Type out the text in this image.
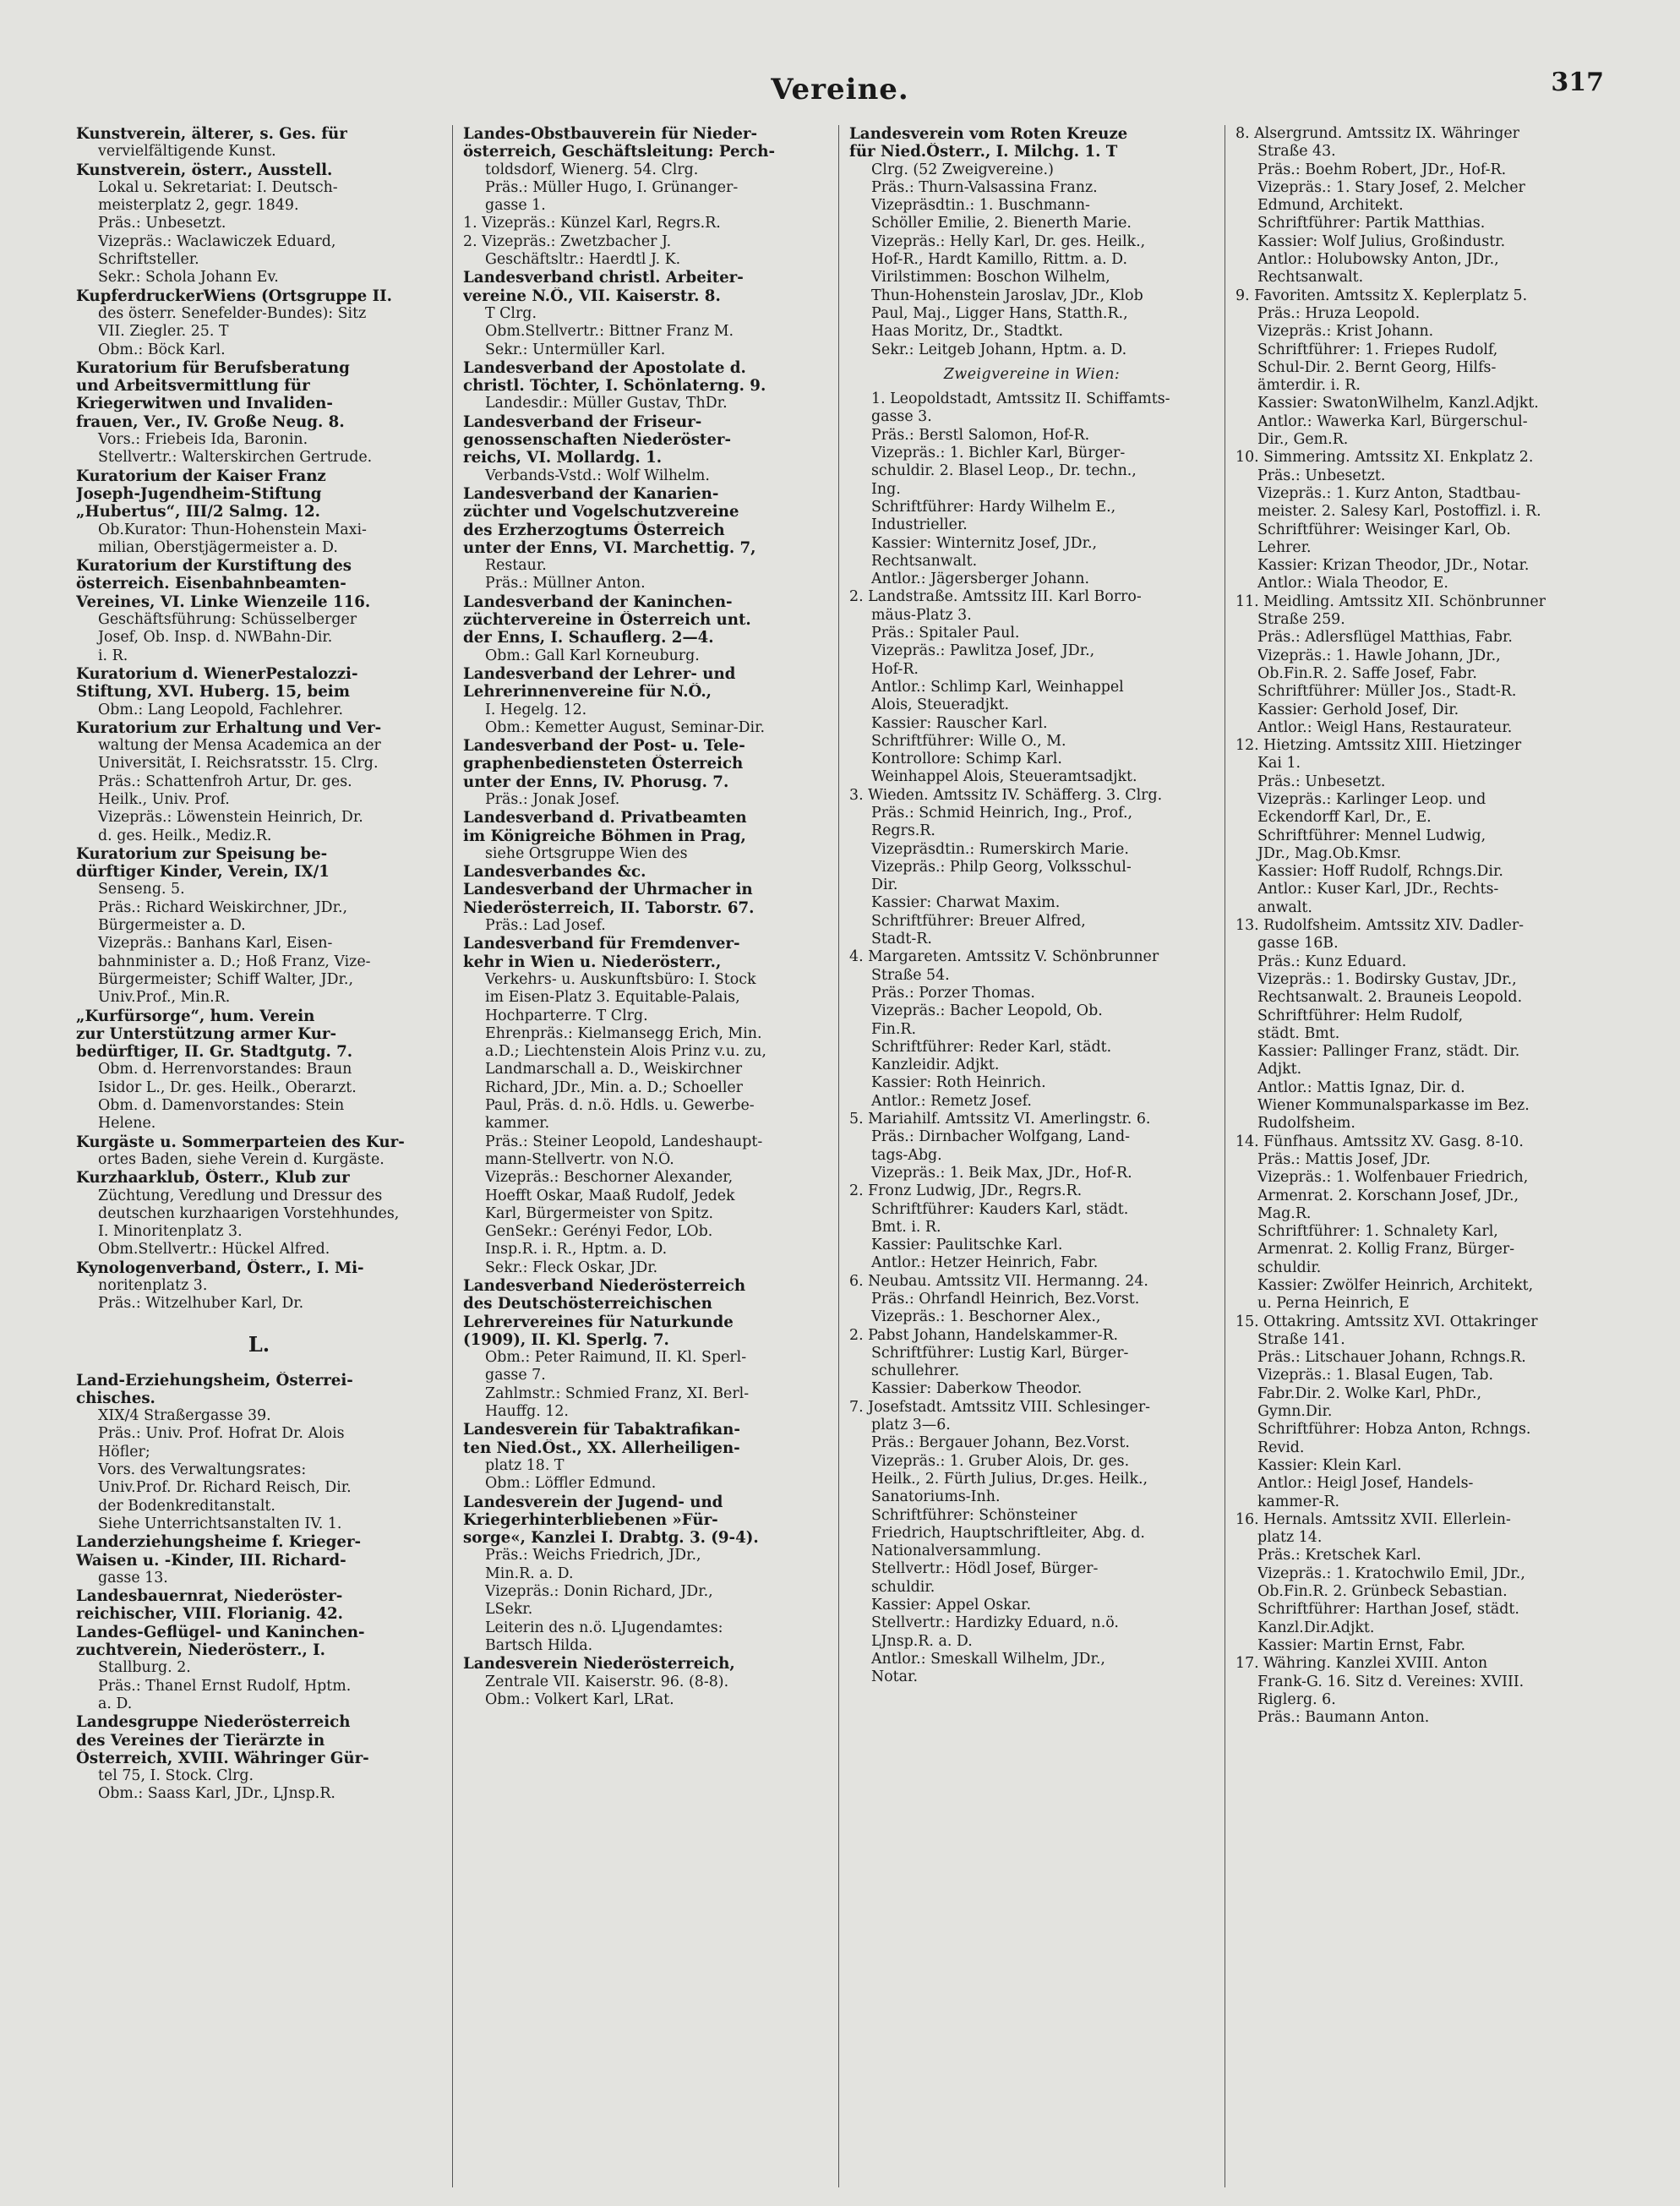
Vereine.	317
Kunstverein, älterer, s. Ges. für
vervielfältigende Kunst.
Kunstverein, österr., Ausstell.
Lokal u. Sekretariat: I. Deutsch-
meisterplatz 2, gegr. 1849.
Präs.: Unbesetzt.
Vizepräs.: Waclawiczek Eduard,
Schriftsteller.
Sekr.: Schola Johann Ev.
KupferdruckerWiens (Ortsgruppe II.
des österr. Senefelder-Bundes): Sitz
VII. Ziegler. 25. T
Obm.: Böck Karl.
Kuratorium für Berufsberatung
und Arbeitsvermittlung für
Kriegerwitwen und Invaliden-
frauen, Ver., IV. Große Neug. 8.
Vors.: Friebeis Ida, Baronin.
Stellvertr.: Walterskirchen Gertrude.
Kuratorium der Kaiser Franz
Joseph-Jugendheim-Stiftung
„Hubertus“, III/2 Salmg. 12.
Ob.Kurator: Thun-Hohenstein Maxi-
milian, Oberstjägermeister a. D.
Kuratorium der Kurstiftung des
österreich. Eisenbahnbeamten-
Vereines, VI. Linke Wienzeile 116.
Geschäftsführung: Schüsselberger
Josef, Ob. Insp. d. NWBahn-Dir.
i. R.
Kuratorium d. WienerPestalozzi-
Stiftung, XVI. Huberg. 15, beim
Obm.: Lang Leopold, Fachlehrer.
Kuratorium zur Erhaltung und Ver-
waltung der Mensa Academica an der
Universität, I. Reichsratsstr. 15. Clrg.
Präs.: Schattenfroh Artur, Dr. ges.
Heilk., Univ. Prof.
Vizepräs.: Löwenstein Heinrich, Dr.
d. ges. Heilk., Mediz.R.
Kuratorium zur Speisung be-
dürftiger Kinder, Verein, IX/1
Senseng. 5.
Präs.: Richard Weiskirchner, JDr.,
Bürgermeister a. D.
Vizepräs.: Banhans Karl, Eisen-
bahnminister a. D.; Hoß Franz, Vize-
Bürgermeister; Schiff Walter, JDr.,
Univ.Prof., Min.R.
„Kurfürsorge“, hum. Verein
zur Unterstützung armer Kur-
bedürftiger, II. Gr. Stadtgutg. 7.
Obm. d. Herrenvorstandes: Braun
Isidor L., Dr. ges. Heilk., Oberarzt.
Obm. d. Damenvorstandes: Stein
Helene.
Kurgäste u. Sommerparteien des Kur-
ortes Baden, siehe Verein d. Kurgäste.
Kurzhaarklub, Österr., Klub zur
Züchtung, Veredlung und Dressur des
deutschen kurzhaarigen Vorstehhundes,
I. Minoritenplatz 3.
Obm.Stellvertr.: Hückel Alfred.
Kynologenverband, Österr., I. Mi-
noritenplatz 3.
Präs.: Witzelhuber Karl, Dr.
L.
Land-Erziehungsheim, Österrei-
chisches.
XIX/4 Straßergasse 39.
Präs.: Univ. Prof. Hofrat Dr. Alois
Höfler;
Vors. des Verwaltungsrates:
Univ.Prof. Dr. Richard Reisch, Dir.
der Bodenkreditanstalt.
Siehe Unterrichtsanstalten IV. 1.
Landerziehungsheime f. Krieger-
Waisen u. -Kinder, III. Richard-
gasse 13.
Landesbauernrat, Niederöster-
reichischer, VIII. Florianig. 42.
Landes-Geflügel- und Kaninchen-
zuchtverein, Niederösterr., I.
Stallburg. 2.
Präs.: Thanel Ernst Rudolf, Hptm.
a. D.
Landesgruppe Niederösterreich
des Vereines der Tierärzte in
Österreich, XVIII. Währinger Gür-
tel 75, I. Stock. Clrg.
Obm.: Saass Karl, JDr., LJnsp.R.
Landes-Obstbauverein für Nieder-
österreich, Geschäftsleitung: Perch-
toldsdorf, Wienerg. 54. Clrg.
Präs.: Müller Hugo, I. Grünanger-
gasse 1.
1. Vizepräs.: Künzel Karl, Regrs.R.
2. Vizepräs.: Zwetzbacher J.
Geschäftsltr.: Haerdtl J. K.
Landesverband christl. Arbeiter-
vereine N.Ö., VII. Kaiserstr. 8.
T Clrg.
Obm.Stellvertr.: Bittner Franz M.
Sekr.: Untermüller Karl.
Landesverband der Apostolate d.
christl. Töchter, I. Schönlaterng. 9.
Landesdir.: Müller Gustav, ThDr.
Landesverband der Friseur-
genossenschaften Niederöster-
reichs, VI. Mollardg. 1.
Verbands-Vstd.: Wolf Wilhelm.
Landesverband der Kanarien-
züchter und Vogelschutzvereine
des Erzherzogtums Österreich
unter der Enns, VI. Marchettig. 7,
Restaur.
Präs.: Müllner Anton.
Landesverband der Kaninchen-
züchtervereine in Österreich unt.
der Enns, I. Schauflerg. 2—4.
Obm.: Gall Karl Korneuburg.
Landesverband der Lehrer- und
Lehrerinnenvereine für N.Ö.,
I. Hegelg. 12.
Obm.: Kemetter August, Seminar-Dir.
Landesverband der Post- u. Tele-
graphenbediensteten Österreich
unter der Enns, IV. Phorusg. 7.
Präs.: Jonak Josef.
Landesverband d. Privatbeamten
im Königreiche Böhmen in Prag,
siehe Ortsgruppe Wien des
Landesverbandes &c.
Landesverband der Uhrmacher in
Niederösterreich, II. Taborstr. 67.
Präs.: Lad Josef.
Landesverband für Fremdenver-
kehr in Wien u. Niederösterr.,
Verkehrs- u. Auskunftsbüro: I. Stock
im Eisen-Platz 3. Equitable-Palais,
Hochparterre. T Clrg.
Ehrenpräs.: Kielmansegg Erich, Min.
a.D.; Liechtenstein Alois Prinz v.u. zu,
Landmarschall a. D., Weiskirchner
Richard, JDr., Min. a. D.; Schoeller
Paul, Präs. d. n.ö. Hdls. u. Gewerbe-
kammer.
Präs.: Steiner Leopold, Landeshaupt-
mann-Stellvertr. von N.Ö.
Vizepräs.: Beschorner Alexander,
Hoefft Oskar, Maaß Rudolf, Jedek
Karl, Bürgermeister von Spitz.
GenSekr.: Gerényi Fedor, LOb.
Insp.R. i. R., Hptm. a. D.
Sekr.: Fleck Oskar, JDr.
Landesverband Niederösterreich
des Deutschösterreichischen
Lehrervereines für Naturkunde
(1909), II. Kl. Sperlg. 7.
Obm.: Peter Raimund, II. Kl. Sperl-
gasse 7.
Zahlmstr.: Schmied Franz, XI. Berl-
Hauffg. 12.
Landesverein für Tabaktrafikan-
ten Nied.Öst., XX. Allerheiligen-
platz 18. T
Obm.: Löffler Edmund.
Landesverein der Jugend- und
Kriegerhinterbliebenen »Für-
sorge«, Kanzlei I. Drabtg. 3. (9-4).
Präs.: Weichs Friedrich, JDr.,
Min.R. a. D.
Vizepräs.: Donin Richard, JDr.,
LSekr.
Leiterin des n.ö. LJugendamtes:
Bartsch Hilda.
Landesverein Niederösterreich,
Zentrale VII. Kaiserstr. 96. (8-8).
Obm.: Volkert Karl, LRat.
Landesverein vom Roten Kreuze
für Nied.Österr., I. Milchg. 1. T
Clrg. (52 Zweigvereine.)
Präs.: Thurn-Valsassina Franz.
Vizepräsdtin.: 1. Buschmann-
Schöller Emilie, 2. Bienerth Marie.
Vizepräs.: Helly Karl, Dr. ges. Heilk.,
Hof-R., Hardt Kamillo, Rittm. a. D.
Virilstimmen: Boschon Wilhelm,
Thun-Hohenstein Jaroslav, JDr., Klob
Paul, Maj., Ligger Hans, Statth.R.,
Haas Moritz, Dr., Stadtkt.
Sekr.: Leitgeb Johann, Hptm. a. D.
Zweigvereine in Wien:
1. Leopoldstadt, Amtssitz II. Schiffamts-
gasse 3.
Präs.: Berstl Salomon, Hof-R.
Vizepräs.: 1. Bichler Karl, Bürger-
schuldir. 2. Blasel Leop., Dr. techn.,
Ing.
Schriftführer: Hardy Wilhelm E.,
Industrieller.
Kassier: Winternitz Josef, JDr.,
Rechtsanwalt.
Antlor.: Jägersberger Johann.
2. Landstraße. Amtssitz III. Karl Borro-
mäus-Platz 3.
Präs.: Spitaler Paul.
Vizepräs.: Pawlitza Josef, JDr.,
Hof-R.
Antlor.: Schlimp Karl, Weinhappel
Alois, Steueradjkt.
Kassier: Rauscher Karl.
Schriftführer: Wille O., M.
Kontrollore: Schimp Karl.
Weinhappel Alois, Steueramtsadjkt.
3. Wieden. Amtssitz IV. Schäfferg. 3. Clrg.
Präs.: Schmid Heinrich, Ing., Prof.,
Regrs.R.
Vizepräsdtin.: Rumerskirch Marie.
Vizepräs.: Philp Georg, Volksschul-
Dir.
Kassier: Charwat Maxim.
Schriftführer: Breuer Alfred,
Stadt-R.
4. Margareten. Amtssitz V. Schönbrunner
Straße 54.
Präs.: Porzer Thomas.
Vizepräs.: Bacher Leopold, Ob.
Fin.R.
Schriftführer: Reder Karl, städt.
Kanzleidir. Adjkt.
Kassier: Roth Heinrich.
Antlor.: Remetz Josef.
5. Mariahilf. Amtssitz VI. Amerlingstr. 6.
Präs.: Dirnbacher Wolfgang, Land-
tags-Abg.
Vizepräs.: 1. Beik Max, JDr., Hof-R.
2. Fronz Ludwig, JDr., Regrs.R.
Schriftführer: Kauders Karl, städt.
Bmt. i. R.
Kassier: Paulitschke Karl.
Antlor.: Hetzer Heinrich, Fabr.
6. Neubau. Amtssitz VII. Hermanng. 24.
Präs.: Ohrfandl Heinrich, Bez.Vorst.
Vizepräs.: 1. Beschorner Alex.,
2. Pabst Johann, Handelskammer-R.
Schriftführer: Lustig Karl, Bürger-
schullehrer.
Kassier: Daberkow Theodor.
7. Josefstadt. Amtssitz VIII. Schlesinger-
platz 3—6.
Präs.: Bergauer Johann, Bez.Vorst.
Vizepräs.: 1. Gruber Alois, Dr. ges.
Heilk., 2. Fürth Julius, Dr.ges. Heilk.,
Sanatoriums-Inh.
Schriftführer: Schönsteiner
Friedrich, Hauptschriftleiter, Abg. d.
Nationalversammlung.
Stellvertr.: Hödl Josef, Bürger-
schuldir.
Kassier: Appel Oskar.
Stellvertr.: Hardizky Eduard, n.ö.
LJnsp.R. a. D.
Antlor.: Smeskall Wilhelm, JDr.,
Notar.
8. Alsergrund. Amtssitz IX. Währinger
Straße 43.
Präs.: Boehm Robert, JDr., Hof-R.
Vizepräs.: 1. Stary Josef, 2. Melcher
Edmund, Architekt.
Schriftführer: Partik Matthias.
Kassier: Wolf Julius, Großindustr.
Antlor.: Holubowsky Anton, JDr.,
Rechtsanwalt.
9. Favoriten. Amtssitz X. Keplerplatz 5.
Präs.: Hruza Leopold.
Vizepräs.: Krist Johann.
Schriftführer: 1. Friepes Rudolf,
Schul-Dir. 2. Bernt Georg, Hilfs-
ämterdir. i. R.
Kassier: SwatonWilhelm, Kanzl.Adjkt.
Antlor.: Wawerka Karl, Bürgerschul-
Dir., Gem.R.
10. Simmering. Amtssitz XI. Enkplatz 2.
Präs.: Unbesetzt.
Vizepräs.: 1. Kurz Anton, Stadtbau-
meister. 2. Salesy Karl, Postoffizl. i. R.
Schriftführer: Weisinger Karl, Ob.
Lehrer.
Kassier: Krizan Theodor, JDr., Notar.
Antlor.: Wiala Theodor, E.
11. Meidling. Amtssitz XII. Schönbrunner
Straße 259.
Präs.: Adlersflügel Matthias, Fabr.
Vizepräs.: 1. Hawle Johann, JDr.,
Ob.Fin.R. 2. Saffe Josef, Fabr.
Schriftführer: Müller Jos., Stadt-R.
Kassier: Gerhold Josef, Dir.
Antlor.: Weigl Hans, Restaurateur.
12. Hietzing. Amtssitz XIII. Hietzinger
Kai 1.
Präs.: Unbesetzt.
Vizepräs.: Karlinger Leop. und
Eckendorff Karl, Dr., E.
Schriftführer: Mennel Ludwig,
JDr., Mag.Ob.Kmsr.
Kassier: Hoff Rudolf, Rchngs.Dir.
Antlor.: Kuser Karl, JDr., Rechts-
anwalt.
13. Rudolfsheim. Amtssitz XIV. Dadler-
gasse 16B.
Präs.: Kunz Eduard.
Vizepräs.: 1. Bodirsky Gustav, JDr.,
Rechtsanwalt. 2. Brauneis Leopold.
Schriftführer: Helm Rudolf,
städt. Bmt.
Kassier: Pallinger Franz, städt. Dir.
Adjkt.
Antlor.: Mattis Ignaz, Dir. d.
Wiener Kommunalsparkasse im Bez.
Rudolfsheim.
14. Fünfhaus. Amtssitz XV. Gasg. 8-10.
Präs.: Mattis Josef, JDr.
Vizepräs.: 1. Wolfenbauer Friedrich,
Armenrat. 2. Korschann Josef, JDr.,
Mag.R.
Schriftführer: 1. Schnalety Karl,
Armenrat. 2. Kollig Franz, Bürger-
schuldir.
Kassier: Zwölfer Heinrich, Architekt,
u. Perna Heinrich, E
15. Ottakring. Amtssitz XVI. Ottakringer
Straße 141.
Präs.: Litschauer Johann, Rchngs.R.
Vizepräs.: 1. Blasal Eugen, Tab.
Fabr.Dir. 2. Wolke Karl, PhDr.,
Gymn.Dir.
Schriftführer: Hobza Anton, Rchngs.
Revid.
Kassier: Klein Karl.
Antlor.: Heigl Josef, Handels-
kammer-R.
16. Hernals. Amtssitz XVII. Ellerlein-
platz 14.
Präs.: Kretschek Karl.
Vizepräs.: 1. Kratochwilo Emil, JDr.,
Ob.Fin.R. 2. Grünbeck Sebastian.
Schriftführer: Harthan Josef, städt.
Kanzl.Dir.Adjkt.
Kassier: Martin Ernst, Fabr.
17. Währing. Kanzlei XVIII. Anton
Frank-G. 16. Sitz d. Vereines: XVIII.
Riglerg. 6.
Präs.: Baumann Anton.
